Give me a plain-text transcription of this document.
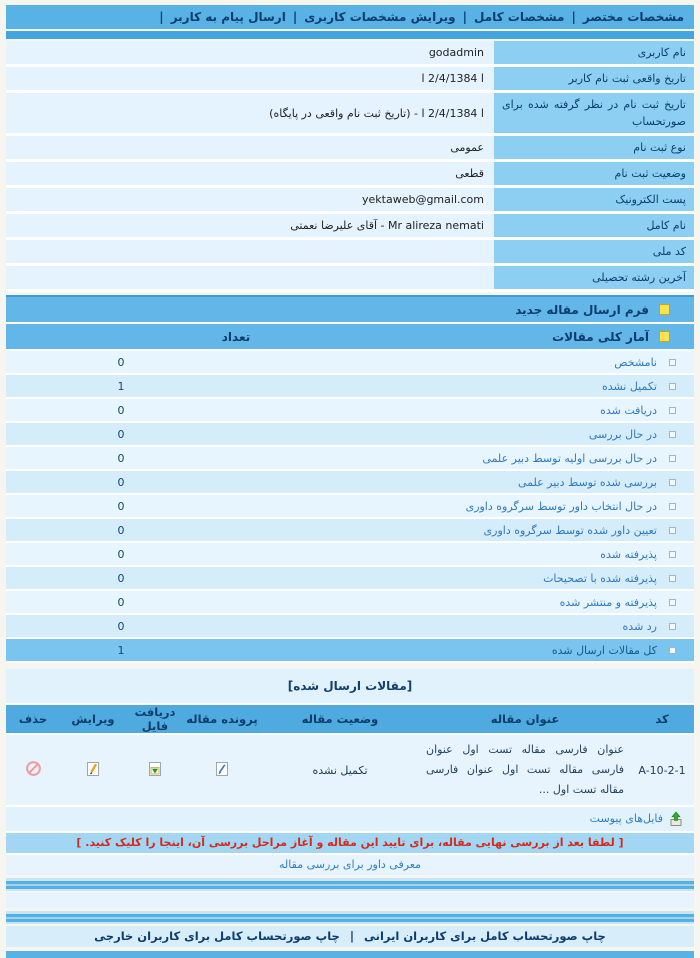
مشخصات مختصر
|
مشخصات کامل
|
ویرایش مشخصات کاربری
|
ارسال پیام به کاربر
|
نام کاربری
godadmin
تاریخ واقعی ثبت نام کاربر
ا 2/4/1384 ا
تاریخ ثبت نام در نظر گرفته شده برای صورتحساب
ا 2/4/1384 ا - (تاریخ ثبت نام واقعی در پایگاه)
نوع ثبت نام
عمومی
وضعیت ثبت نام
قطعی
پست الکترونیک
yektaweb@gmail.com
نام کامل
Mr alireza nemati - آقای علیرضا نعمتی
کد ملی
آخرین رشته تحصیلی
فرم ارسال مقاله جدید
آمار کلی مقالات
تعداد
نامشخص
0
تکمیل نشده
1
دریافت شده
0
در حال بررسی
0
در حال بررسی اولیه توسط دبیر علمی
0
بررسی شده توسط دبیر علمی
0
در حال انتخاب داور توسط سرگروه داوری
0
تعیین داور شده توسط سرگروه داوری
0
پذیرفته شده
0
پذیرفته شده با تصحیحات
0
پذیرفته و منتشر شده
0
رد شده
0
کل مقالات ارسال شده
1
[مقالات ارسال شده]
کد
عنوان مقاله
وضعیت مقاله
پرونده مقاله
دریافت فایل
ویرایش
حذف
A-10-2-1
عنوان فارسی مقاله تست اول عنوان فارسی مقاله تست اول عنوان فارسی مقاله تست اول ...
تکمیل نشده
فایل‌های پیوست
[ لطفا بعد از بررسی نهایی مقاله، برای تایید این مقاله و آغاز مراحل بررسی آن، اینجا را کلیک کنید. ]
معرفی داور برای بررسی مقاله
چاپ صورتحساب کامل برای کاربران ایرانی
|
چاپ صورتحساب کامل برای کاربران خارجی
